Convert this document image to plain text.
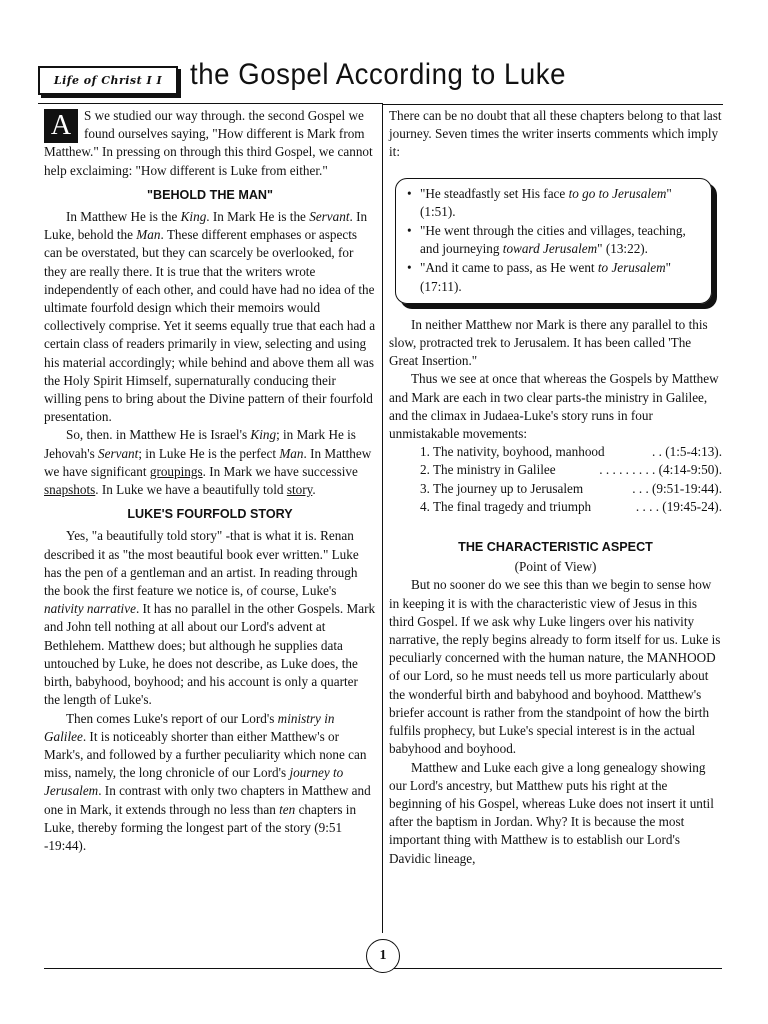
Life of Christ I I the Gospel According to Luke

A S we studied our way through. the second Gospel we found ourselves saying, "How different is Mark from Matthew." In pressing on through this third Gospel, we cannot help exclaiming: "How different is Luke from either."

"BEHOLD THE MAN"

In Matthew He is the King. In Mark He is the Servant. In Luke, behold the Man. These different emphases or aspects can be overstated, but they can scarcely be overlooked, for they are really there. It is true that the writers wrote independently of each other, and could have had no idea of the ultimate fourfold design which their memoirs would collectively comprise. Yet it seems equally true that each had a certain class of readers primarily in view, selecting and using his material accordingly; while behind and above them all was the Holy Spirit Himself, supernaturally conducing their willing pens to bring about the Divine pattern of their fourfold presentation.

So, then. in Matthew He is Israel's King; in Mark He is Jehovah's Servant; in Luke He is the perfect Man. In Matthew we have significant groupings. In Mark we have successive snapshots. In Luke we have a beautifully told story.

LUKE'S FOURFOLD STORY

Yes, "a beautifully told story" -that is what it is. Renan described it as "the most beautiful book ever written." Luke has the pen of a gentleman and an artist. In reading through the book the first feature we notice is, of course, Luke's nativity narrative. It has no parallel in the other Gospels. Mark and John tell nothing at all about our Lord's advent at Bethlehem. Matthew does; but although he supplies data untouched by Luke, he does not describe, as Luke does, the birth, babyhood, boyhood; and his account is only a quarter the length of Luke's.

Then comes Luke's report of our Lord's ministry in Galilee. It is noticeably shorter than either Matthew's or Mark's, and followed by a further peculiarity which none can miss, namely, the long chronicle of our Lord's journey to Jerusalem. In contrast with only two chapters in Matthew and one in Mark, it extends through no less than ten chapters in Luke, thereby forming the longest part of the story (9:51 -19:44).

There can be no doubt that all these chapters belong to that last journey. Seven times the writer inserts comments which imply it:

• "He steadfastly set His face to go to Jerusalem" (1:51).
• "He went through the cities and villages, teaching, and journeying toward Jerusalem" (13:22).
• "And it came to pass, as He went to Jerusalem" (17:11).

In neither Matthew nor Mark is there any parallel to this slow, protracted trek to Jerusalem. It has been called 'The Great Insertion."

Thus we see at once that whereas the Gospels by Matthew and Mark are each in two clear parts-the ministry in Galilee, and the climax in Judaea-Luke's story runs in four unmistakable movements:

1. The nativity, boyhood, manhood	. . (1:5-4:13).
2. The ministry in Galilee	. . . . . . . . . (4:14-9:50).
3. The journey up to Jerusalem	. . . (9:51-19:44).
4. The final tragedy and triumph	. . . . (19:45-24).
THE CHARACTERISTIC ASPECT
(Point of View)

But no sooner do we see this than we begin to sense how in keeping it is with the characteristic view of Jesus in this third Gospel. If we ask why Luke lingers over his nativity narrative, the reply begins already to form itself for us. Luke is peculiarly concerned with the human nature, the MANHOOD of our Lord, so he must needs tell us more particularly about the wonderful birth and babyhood and boyhood. Matthew's briefer account is rather from the standpoint of how the birth fulfils prophecy, but Luke's special interest is in the actual babyhood and boyhood.

Matthew and Luke each give a long genealogy showing our Lord's ancestry, but Matthew puts his right at the beginning of his Gospel, whereas Luke does not insert it until after the baptism in Jordan. Why? It is because the most important thing with Matthew is to establish our Lord's Davidic lineage,

1
